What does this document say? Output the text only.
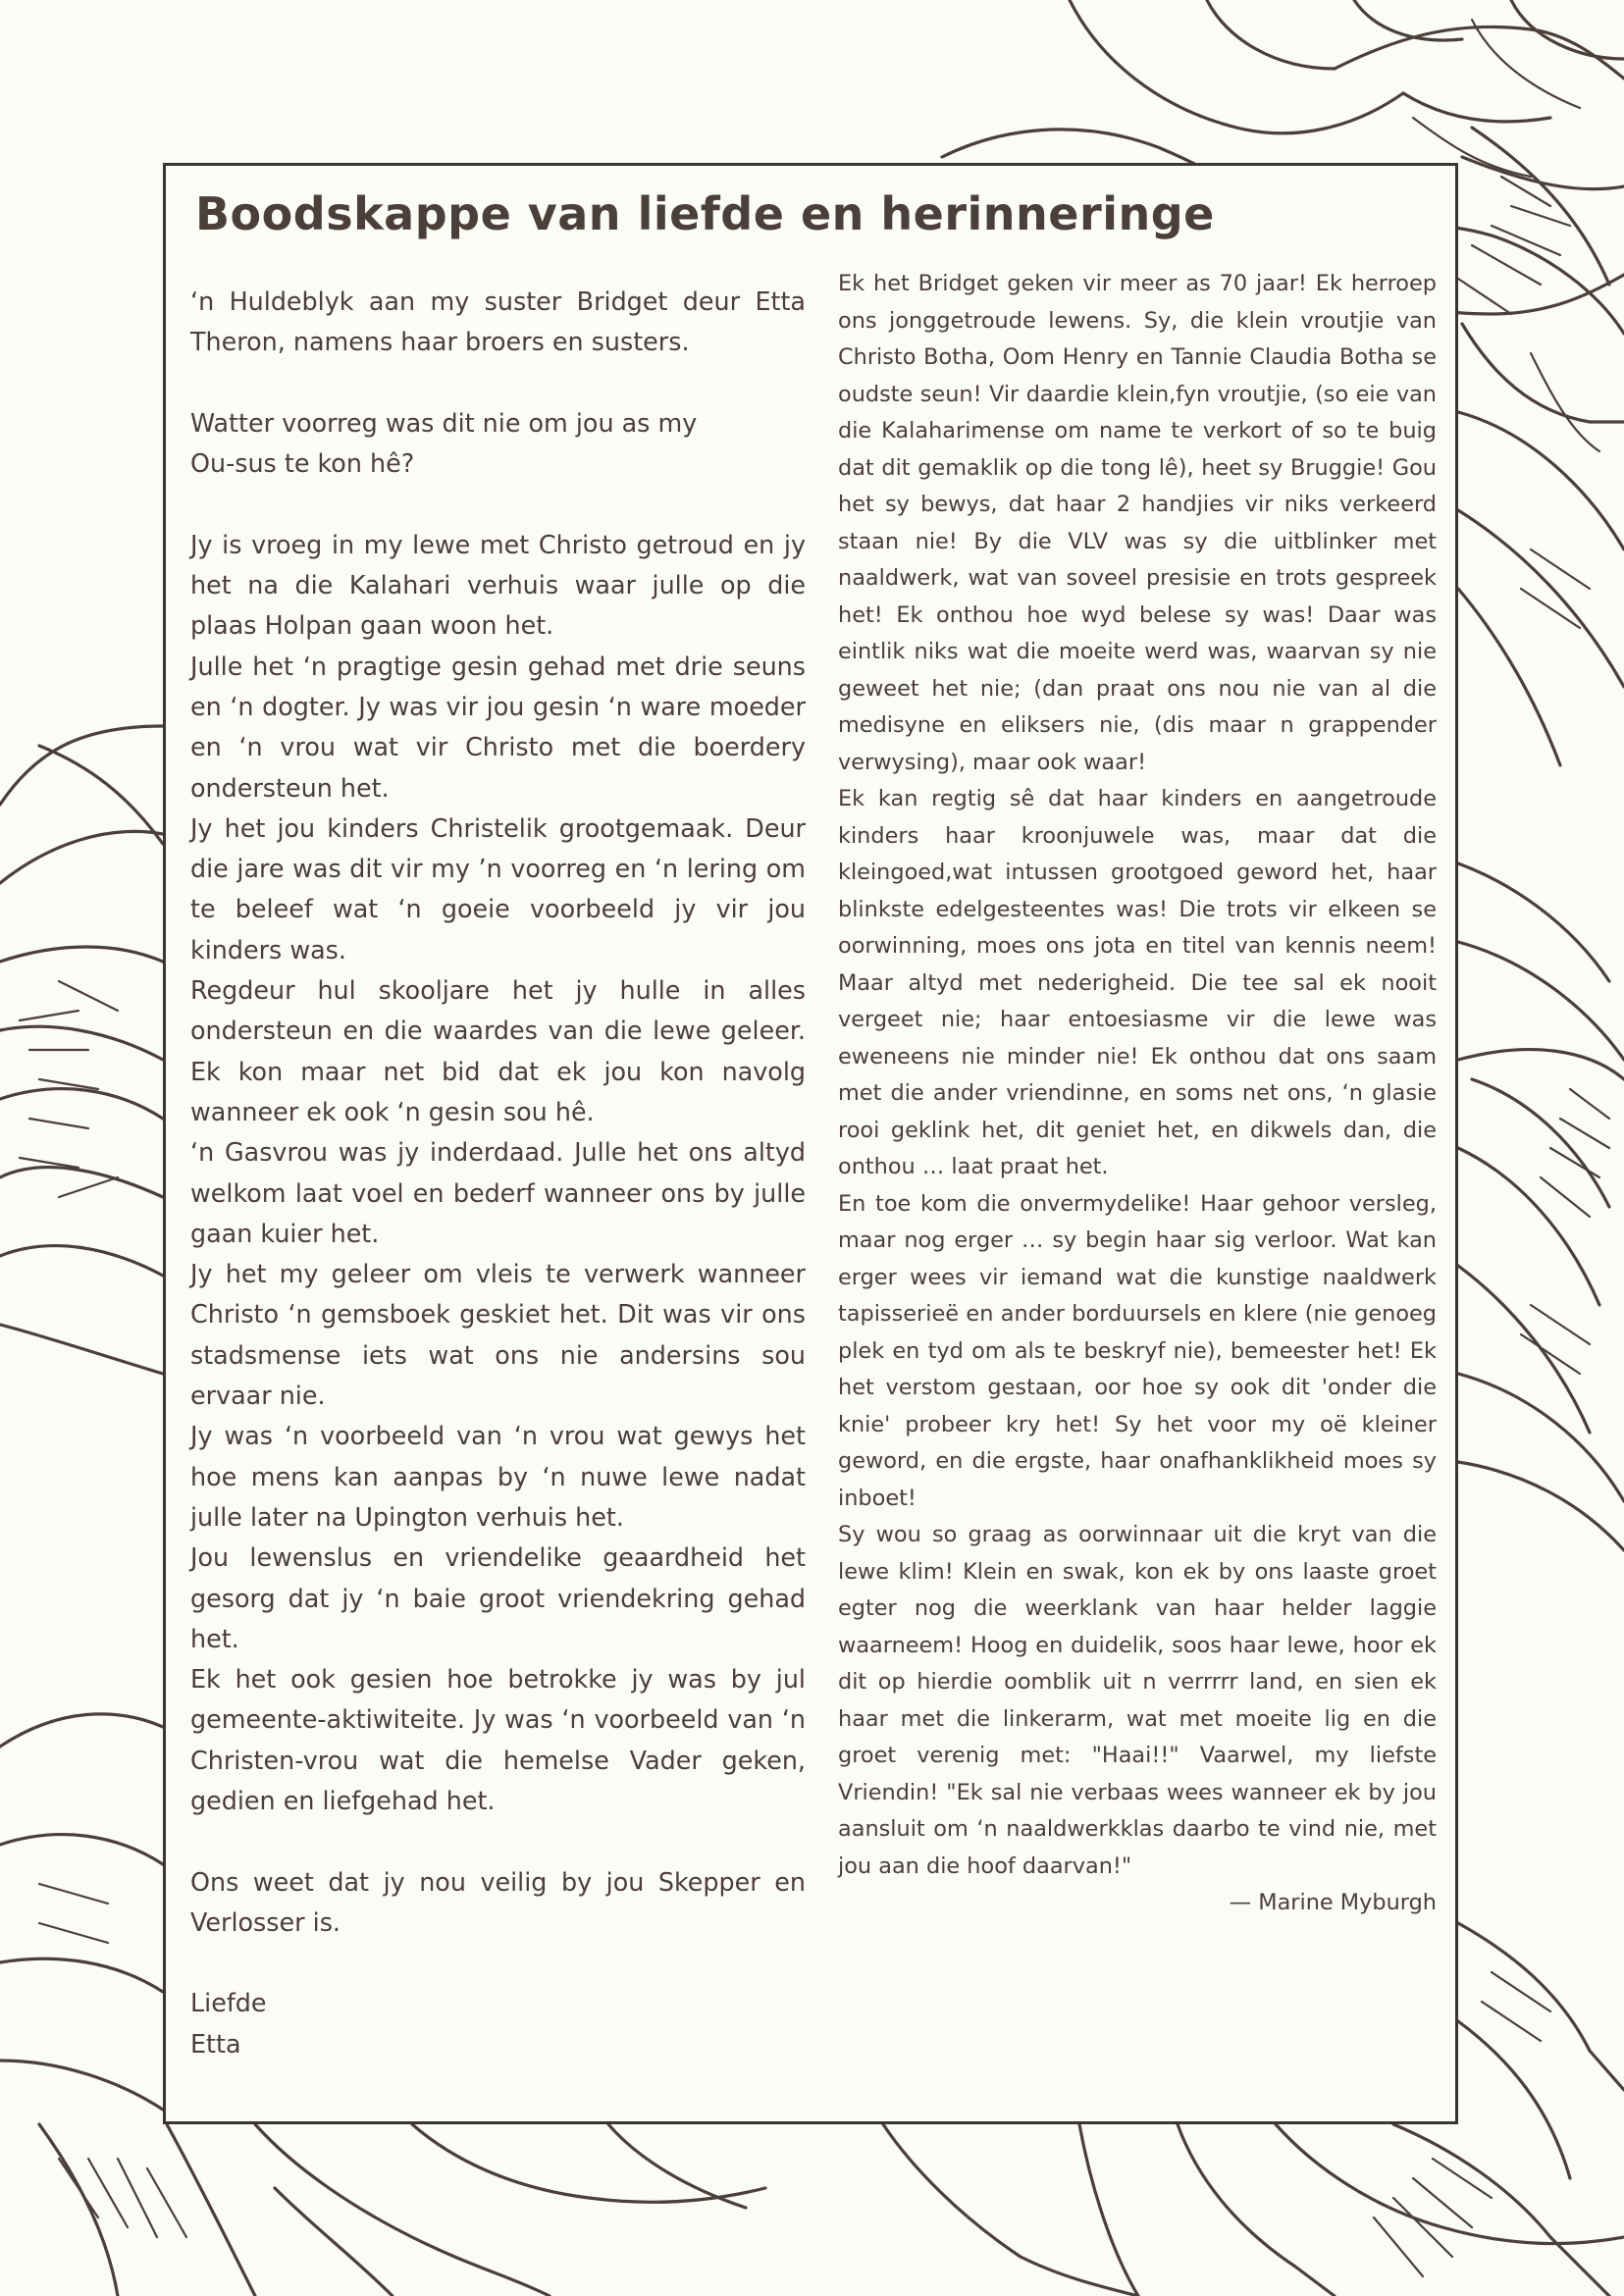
Boodskappe van liefde en herinneringe

‘n Huldeblyk aan my suster Bridget deur Etta Theron, namens haar broers en susters.

Watter voorreg was dit nie om jou as my

Ou-sus te kon hê?

Jy is vroeg in my lewe met Christo getroud en jy het na die Kalahari verhuis waar julle op die plaas Holpan gaan woon het.

Julle het ‘n pragtige gesin gehad met drie seuns en ‘n dogter. Jy was vir jou gesin ‘n ware moeder en ‘n vrou wat vir Christo met die boerdery ondersteun het.

Jy het jou kinders Christelik grootgemaak. Deur die jare was dit vir my ’n voorreg en ‘n lering om te beleef wat ‘n goeie voorbeeld jy vir jou kinders was.

Regdeur hul skooljare het jy hulle in alles ondersteun en die waardes van die lewe geleer. Ek kon maar net bid dat ek jou kon navolg wanneer ek ook ‘n gesin sou hê.

‘n Gasvrou was jy inderdaad. Julle het ons altyd welkom laat voel en bederf wanneer ons by julle gaan kuier het.

Jy het my geleer om vleis te verwerk wanneer Christo ‘n gemsboek geskiet het. Dit was vir ons stadsmense iets wat ons nie andersins sou ervaar nie.

Jy was ‘n voorbeeld van ‘n vrou wat gewys het hoe mens kan aanpas by ‘n nuwe lewe nadat julle later na Upington verhuis het.

Jou lewenslus en vriendelike geaardheid het gesorg dat jy ‘n baie groot vriendekring gehad het.

Ek het ook gesien hoe betrokke jy was by jul gemeente-aktiwiteite. Jy was ‘n voorbeeld van ‘n Christen-vrou wat die hemelse Vader geken, gedien en liefgehad het.

Ons weet dat jy nou veilig by jou Skepper en Verlosser is.

Liefde

Etta

Ek het Bridget geken vir meer as 70 jaar! Ek herroep ons jonggetroude lewens. Sy, die klein vroutjie van Christo Botha, Oom Henry en Tannie Claudia Botha se oudste seun! Vir daardie klein,fyn vroutjie, (so eie van die Kalaharimense om name te verkort of so te buig dat dit gemaklik op die tong lê), heet sy Bruggie! Gou het sy bewys, dat haar 2 handjies vir niks verkeerd staan nie! By die VLV was sy die uitblinker met naaldwerk, wat van soveel presisie en trots gespreek het! Ek onthou hoe wyd belese sy was! Daar was eintlik niks wat die moeite werd was, waarvan sy nie geweet het nie; (dan praat ons nou nie van al die medisyne en eliksers nie, (dis maar n grappender verwysing), maar ook waar!

Ek kan regtig sê dat haar kinders en aangetroude kinders haar kroonjuwele was, maar dat die kleingoed,wat intussen grootgoed geword het, haar blinkste edelgesteentes was! Die trots vir elkeen se oorwinning, moes ons jota en titel van kennis neem! Maar altyd met nederigheid. Die tee sal ek nooit vergeet nie; haar entoesiasme vir die lewe was eweneens nie minder nie! Ek onthou dat ons saam met die ander vriendinne, en soms net ons, ‘n glasie rooi geklink het, dit geniet het, en dikwels dan, die onthou … laat praat het.

En toe kom die onvermydelike! Haar gehoor versleg, maar nog erger … sy begin haar sig verloor. Wat kan erger wees vir iemand wat die kunstige naaldwerk tapisserieë en ander borduursels en klere (nie genoeg plek en tyd om als te beskryf nie), bemeester het! Ek het verstom gestaan, oor hoe sy ook dit 'onder die knie' probeer kry het! Sy het voor my oë kleiner geword, en die ergste, haar onafhanklikheid moes sy inboet!

Sy wou so graag as oorwinnaar uit die kryt van die lewe klim! Klein en swak, kon ek by ons laaste groet egter nog die weerklank van haar helder laggie waarneem! Hoog en duidelik, soos haar lewe, hoor ek dit op hierdie oomblik uit n verrrrr land, en sien ek haar met die linkerarm, wat met moeite lig en die groet verenig met: "Haai!!" Vaarwel, my liefste Vriendin! "Ek sal nie verbaas wees wanneer ek by jou aansluit om ‘n naaldwerkklas daarbo te vind nie, met jou aan die hoof daarvan!"

— Marine Myburgh
